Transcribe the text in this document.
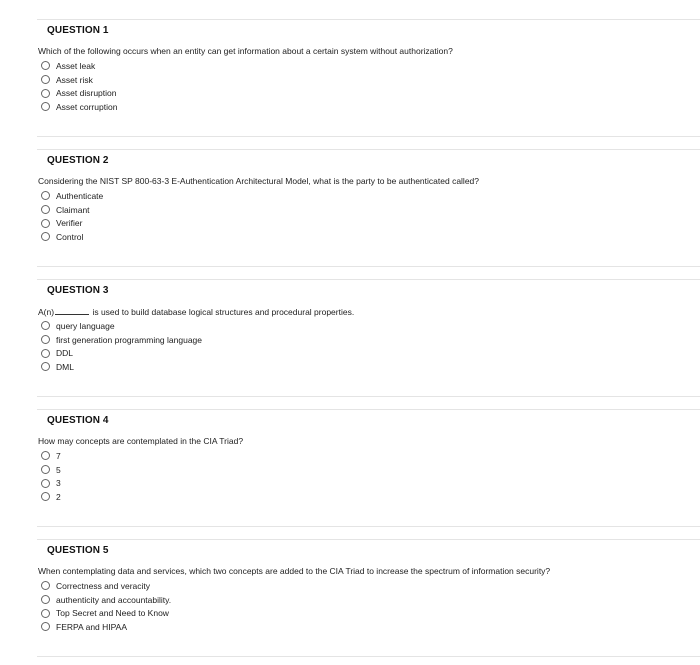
QUESTION 1
Which of the following occurs when an entity can get information about a certain system without authorization?
Asset leak
Asset risk
Asset disruption
Asset corruption
QUESTION 2
Considering the NIST SP 800-63-3 E-Authentication Architectural Model, what is the party to be authenticated called?
Authenticate
Claimant
Verifier
Control
QUESTION 3
A(n)	is used to build database logical structures and procedural properties.
query language
first generation programming language
DDL
DML
QUESTION 4
How may concepts are contemplated in the CIA Triad?
7
5
3
2
QUESTION 5
When contemplating data and services, which two concepts are added to the CIA Triad to increase the spectrum of information security?
Correctness and veracity
authenticity and accountability.
Top Secret and Need to Know
FERPA and HIPAA
